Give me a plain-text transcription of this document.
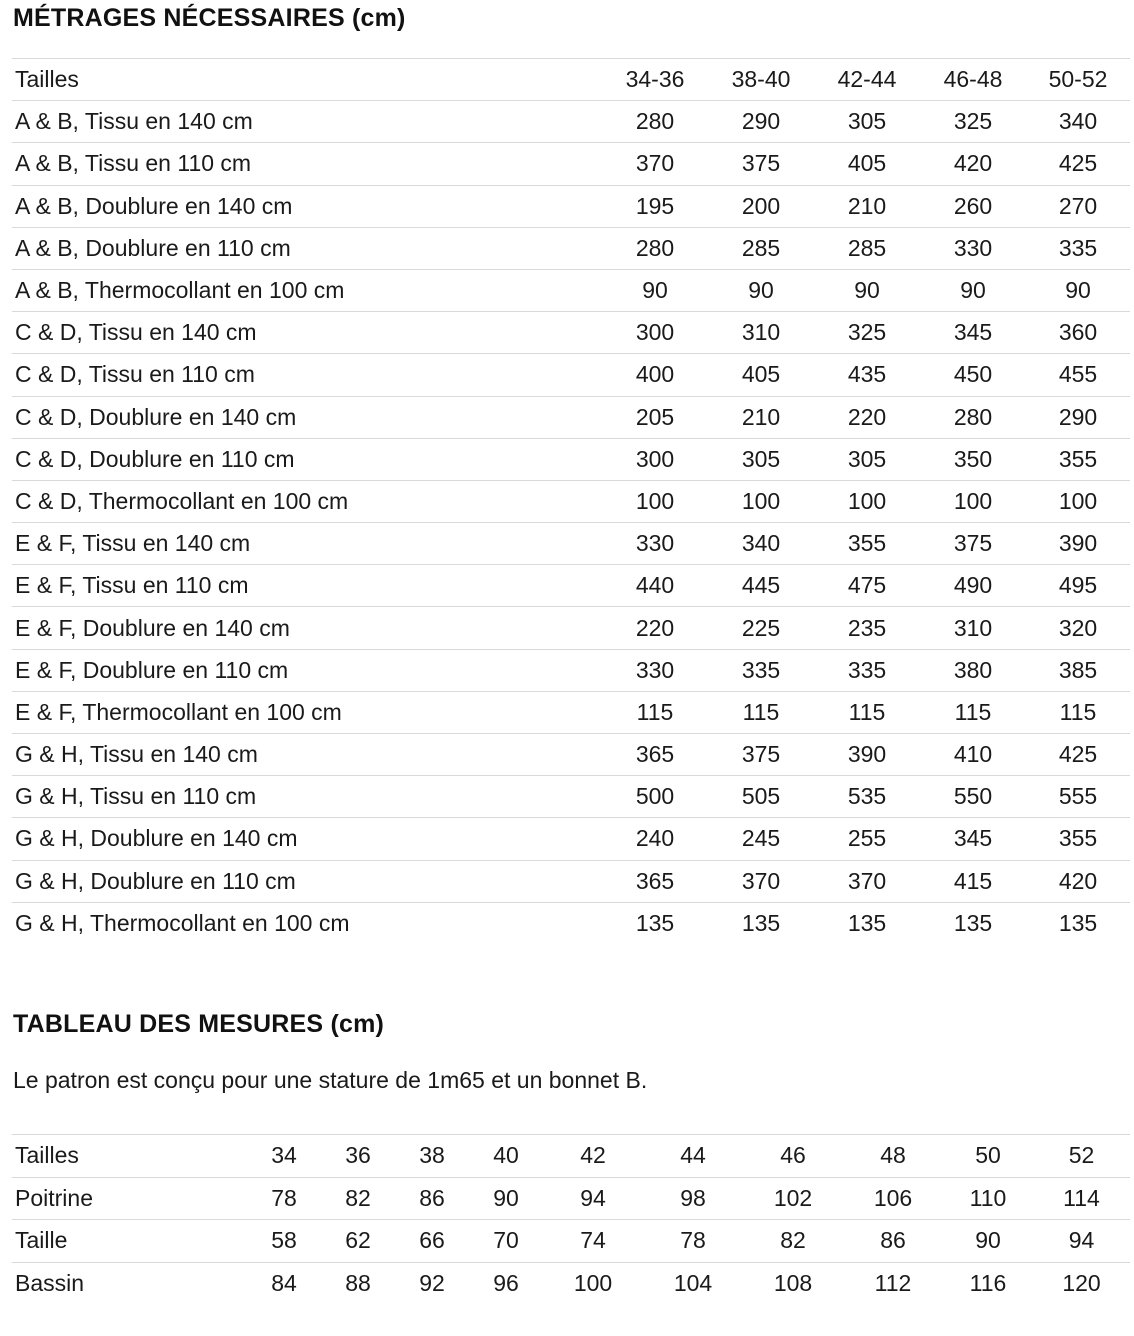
MÉTRAGES NÉCESSAIRES (cm)
Tailles	34-36	38-40	42-44	46-48	50-52
A & B, Tissu en 140 cm	280	290	305	325	340
A & B, Tissu en 110 cm	370	375	405	420	425
A & B, Doublure en 140 cm	195	200	210	260	270
A & B, Doublure en 110 cm	280	285	285	330	335
A & B, Thermocollant en 100 cm	90	90	90	90	90
C & D, Tissu en 140 cm	300	310	325	345	360
C & D, Tissu en 110 cm	400	405	435	450	455
C & D, Doublure en 140 cm	205	210	220	280	290
C & D, Doublure en 110 cm	300	305	305	350	355
C & D, Thermocollant en 100 cm	100	100	100	100	100
E & F, Tissu en 140 cm	330	340	355	375	390
E & F, Tissu en 110 cm	440	445	475	490	495
E & F, Doublure en 140 cm	220	225	235	310	320
E & F, Doublure en 110 cm	330	335	335	380	385
E & F, Thermocollant en 100 cm	115	115	115	115	115
G & H, Tissu en 140 cm	365	375	390	410	425
G & H, Tissu en 110 cm	500	505	535	550	555
G & H, Doublure en 140 cm	240	245	255	345	355
G & H, Doublure en 110 cm	365	370	370	415	420
G & H, Thermocollant en 100 cm	135	135	135	135	135
TABLEAU DES MESURES (cm)
Le patron est conçu pour une stature de 1m65 et un bonnet B.
Tailles	34	36	38	40	42	44	46	48	50	52
Poitrine	78	82	86	90	94	98	102	106	110	114
Taille	58	62	66	70	74	78	82	86	90	94
Bassin	84	88	92	96	100	104	108	112	116	120
